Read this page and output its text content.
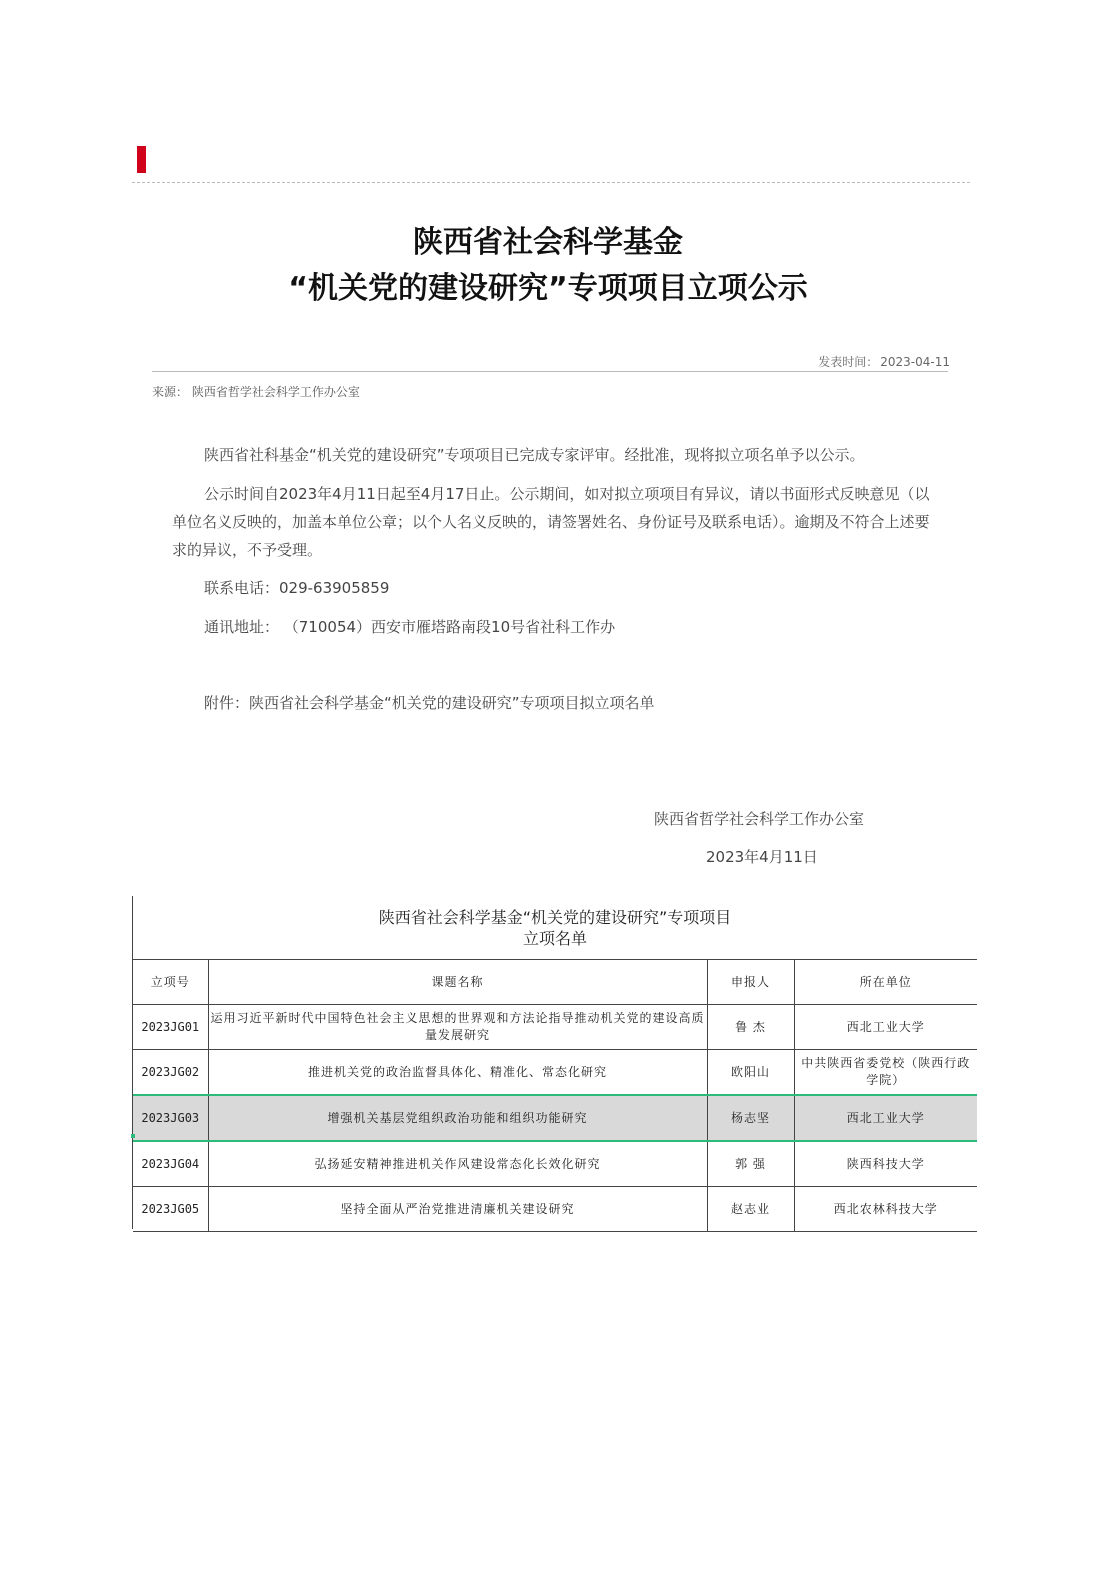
陕西省社会科学基金
“机关党的建设研究”专项项目立项公示
发表时间： 2023-04-11
来源： 陕西省哲学社会科学工作办公室
陕西省社科基金“机关党的建设研究”专项项目已完成专家评审。经批准，现将拟立项名单予以公示。
公示时间自2023年4月11日起至4月17日止。公示期间，如对拟立项项目有异议，请以书面形式反映意见（以单位名义反映的，加盖本单位公章；以个人名义反映的，请签署姓名、身份证号及联系电话）。逾期及不符合上述要求的异议，不予受理。
联系电话：029-63905859
通讯地址： （710054）西安市雁塔路南段10号省社科工作办
附件：陕西省社会科学基金“机关党的建设研究”专项项目拟立项名单
陕西省哲学社会科学工作办公室
2023年4月11日
陕西省社会科学基金“机关党的建设研究”专项项目
立项名单
立项号	课题名称	申报人	所在单位
2023JG01	运用习近平新时代中国特色社会主义思想的世界观和方法论指导推动机关党的建设高质量发展研究	鲁 杰	西北工业大学
2023JG02	推进机关党的政治监督具体化、精准化、常态化研究	欧阳山	中共陕西省委党校（陕西行政学院）
2023JG03	增强机关基层党组织政治功能和组织功能研究	杨志坚	西北工业大学
2023JG04	弘扬延安精神推进机关作风建设常态化长效化研究	郭 强	陕西科技大学
2023JG05	坚持全面从严治党推进清廉机关建设研究	赵志业	西北农林科技大学
